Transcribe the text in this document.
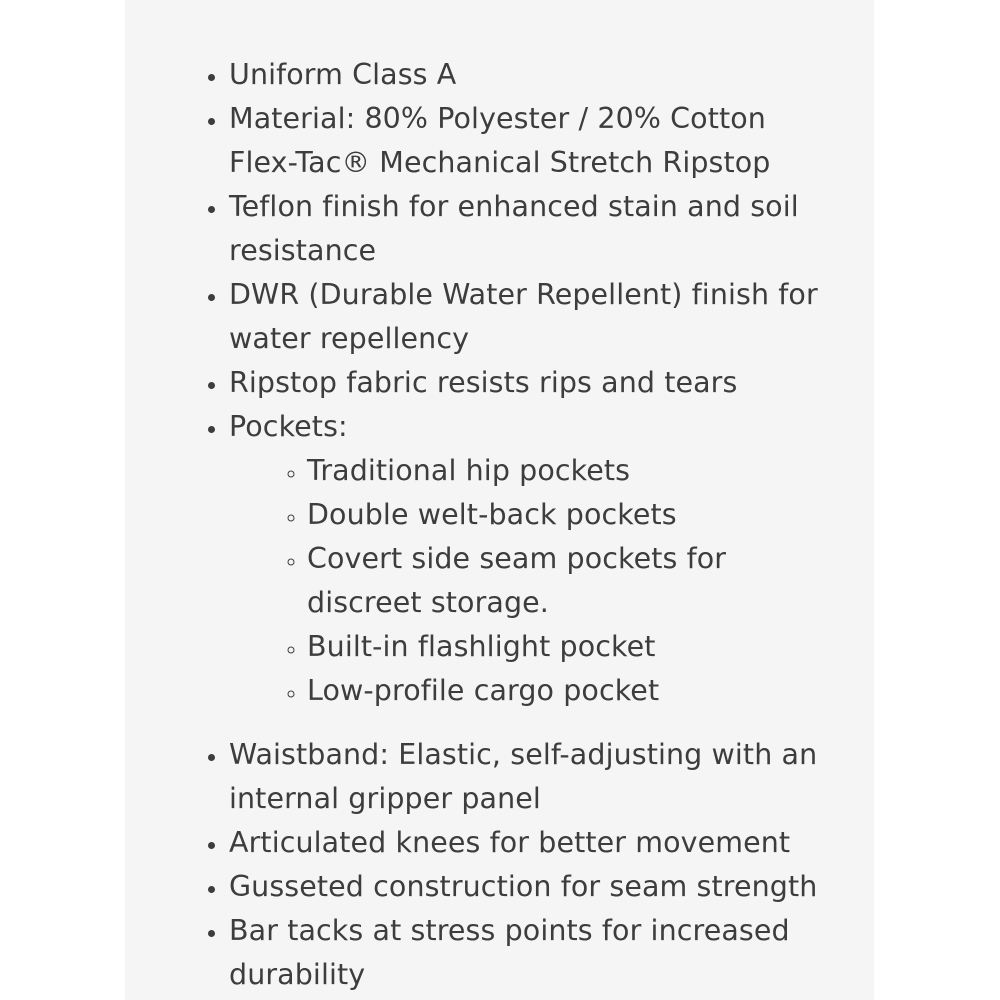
• Uniform Class A
• Material: 80% Polyester / 20% Cotton Flex-Tac® Mechanical Stretch Ripstop
• Teflon finish for enhanced stain and soil resistance
• DWR (Durable Water Repellent) finish for water repellency
• Ripstop fabric resists rips and tears
• Pockets:
◦ Traditional hip pockets
◦ Double welt-back pockets
◦ Covert side seam pockets for discreet storage.
◦ Built-in flashlight pocket
◦ Low-profile cargo pocket
• Waistband: Elastic, self-adjusting with an internal gripper panel
• Articulated knees for better movement
• Gusseted construction for seam strength
• Bar tacks at stress points for increased durability
